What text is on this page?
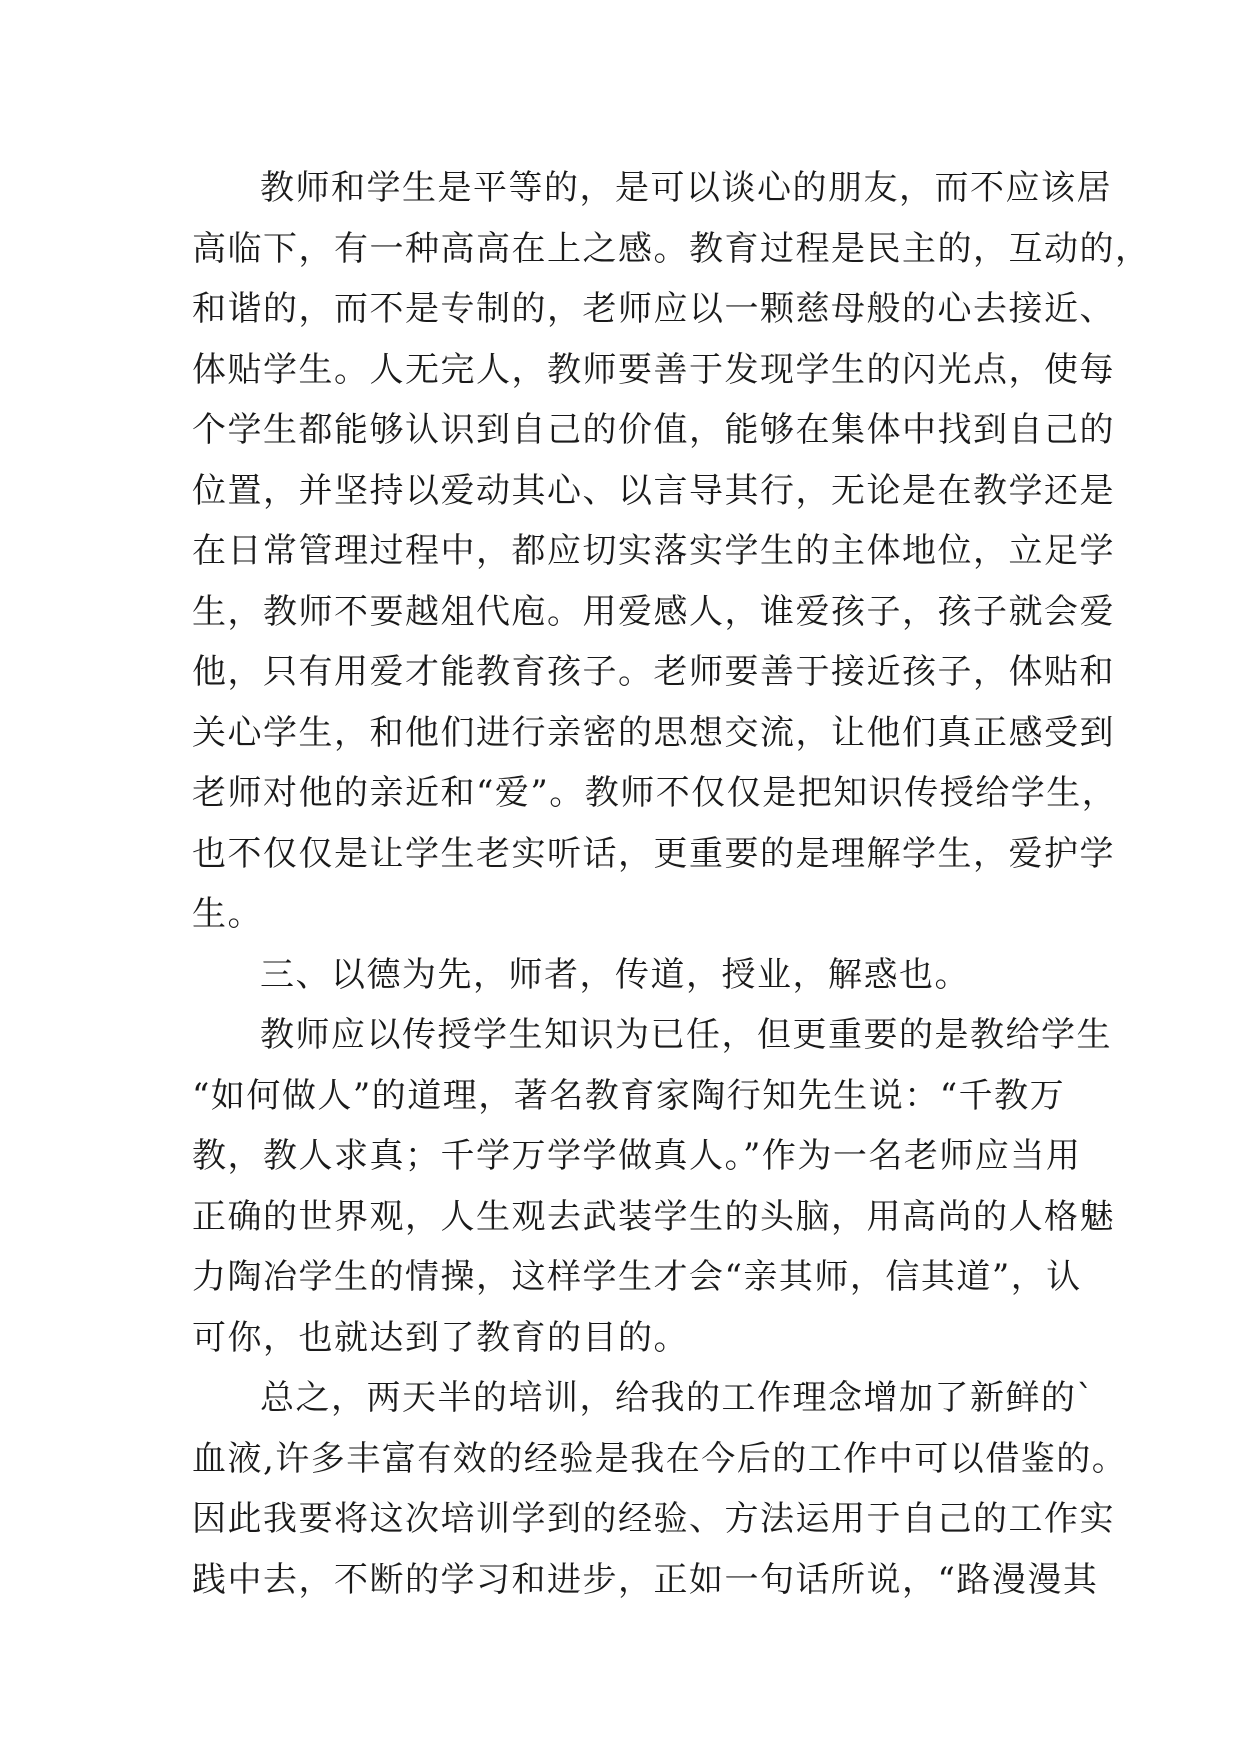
教师和学生是平等的，是可以谈心的朋友，而不应该居
高临下，有一种高高在上之感。教育过程是民主的，互动的，
和谐的，而不是专制的，老师应以一颗慈母般的心去接近、
体贴学生。人无完人，教师要善于发现学生的闪光点，使每
个学生都能够认识到自己的价值，能够在集体中找到自己的
位置，并坚持以爱动其心、以言导其行，无论是在教学还是
在日常管理过程中，都应切实落实学生的主体地位，立足学
生，教师不要越俎代庖。用爱感人，谁爱孩子，孩子就会爱
他，只有用爱才能教育孩子。老师要善于接近孩子，体贴和
关心学生，和他们进行亲密的思想交流，让他们真正感受到
老师对他的亲近和“爱”。教师不仅仅是把知识传授给学生，
也不仅仅是让学生老实听话，更重要的是理解学生，爱护学
生。
三、以德为先，师者，传道，授业，解惑也。
教师应以传授学生知识为已任，但更重要的是教给学生
“如何做人”的道理，著名教育家陶行知先生说：“千教万
教，教人求真；千学万学学做真人。”作为一名老师应当用
正确的世界观，人生观去武装学生的头脑，用高尚的人格魅
力陶冶学生的情操，这样学生才会“亲其师，信其道”，认
可你，也就达到了教育的目的。
总之，两天半的培训，给我的工作理念增加了新鲜的`
血液,许多丰富有效的经验是我在今后的工作中可以借鉴的。
因此我要将这次培训学到的经验、方法运用于自己的工作实
践中去，不断的学习和进步，正如一句话所说，“路漫漫其
